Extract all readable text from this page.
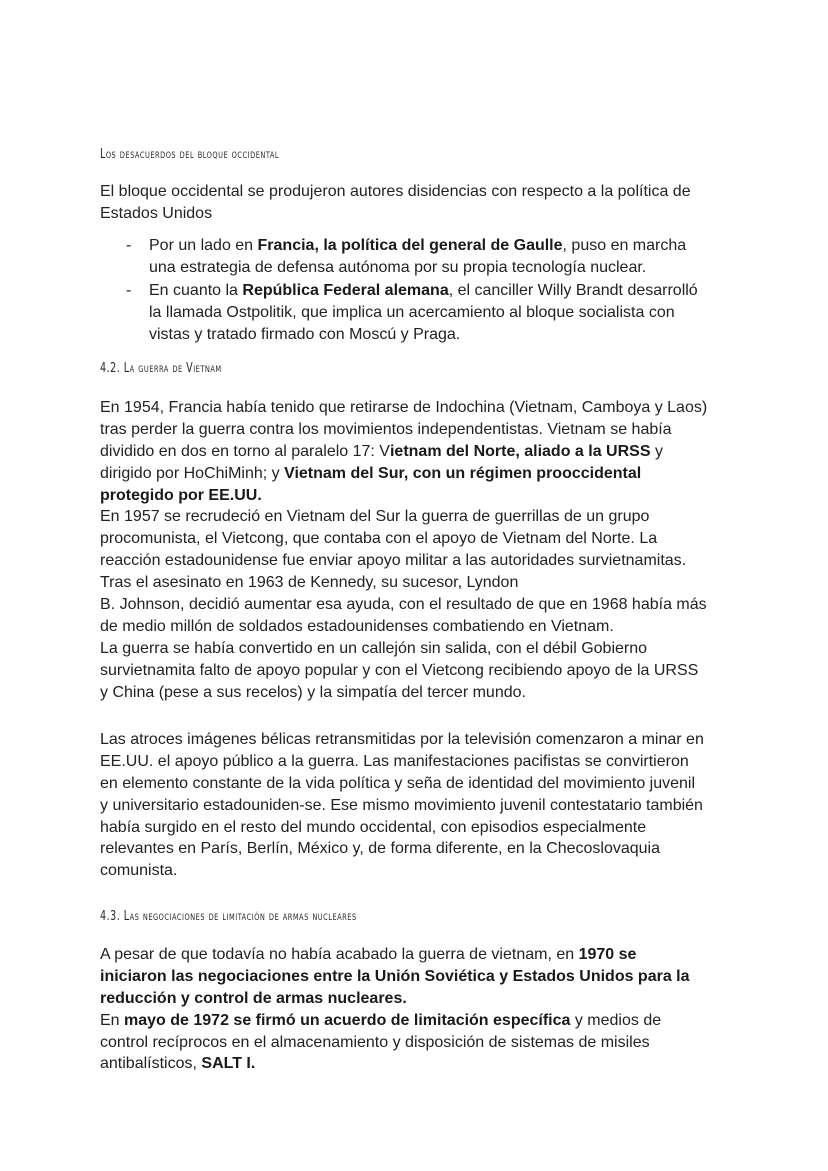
Los desacuerdos del bloque occidental
El bloque occidental se produjeron autores disidencias con respecto a la política de
Estados Unidos
- Por un lado en Francia, la política del general de Gaulle, puso en marcha
una estrategia de defensa autónoma por su propia tecnología nuclear.
- En cuanto la República Federal alemana, el canciller Willy Brandt desarrolló
la llamada Ostpolitik, que implica un acercamiento al bloque socialista con
vistas y tratado firmado con Moscú y Praga.
4.2. La guerra de Vietnam
En 1954, Francia había tenido que retirarse de Indochina (Vietnam, Camboya y Laos)
tras perder la guerra contra los movimientos independentistas. Vietnam se había
dividido en dos en torno al paralelo 17: Vietnam del Norte, aliado a la URSS y
dirigido por HoChiMinh; y Vietnam del Sur, con un régimen prooccidental
protegido por EE.UU.
En 1957 se recrudeció en Vietnam del Sur la guerra de guerrillas de un grupo
procomunista, el Vietcong, que contaba con el apoyo de Vietnam del Norte. La
reacción estadounidense fue enviar apoyo militar a las autoridades survietnamitas.
Tras el asesinato en 1963 de Kennedy, su sucesor, Lyndon
B. Johnson, decidió aumentar esa ayuda, con el resultado de que en 1968 había más
de medio millón de soldados estadounidenses combatiendo en Vietnam.
La guerra se había convertido en un callejón sin salida, con el débil Gobierno
survietnamita falto de apoyo popular y con el Vietcong recibiendo apoyo de la URSS
y China (pese a sus recelos) y la simpatía del tercer mundo.
Las atroces imágenes bélicas retransmitidas por la televisión comenzaron a minar en
EE.UU. el apoyo público a la guerra. Las manifestaciones pacifistas se convirtieron
en elemento constante de la vida política y seña de identidad del movimiento juvenil
y universitario estadouniden-se. Ese mismo movimiento juvenil contestatario también
había surgido en el resto del mundo occidental, con episodios especialmente
relevantes en París, Berlín, México y, de forma diferente, en la Checoslovaquia
comunista.
4.3. Las negociaciones de limitación de armas nucleares
A pesar de que todavía no había acabado la guerra de vietnam, en 1970 se
iniciaron las negociaciones entre la Unión Soviética y Estados Unidos para la
reducción y control de armas nucleares.
En mayo de 1972 se firmó un acuerdo de limitación específica y medios de
control recíprocos en el almacenamiento y disposición de sistemas de misiles
antibalísticos, SALT I.
